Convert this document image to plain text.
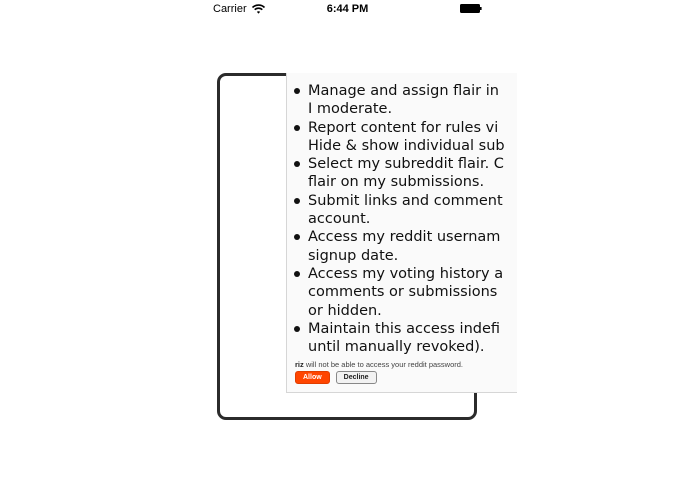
Carrier	6:44 PM
Manage and assign flair in
I moderate.
Report content for rules vi
Hide & show individual sub
Select my subreddit flair. C
flair on my submissions.
Submit links and comment
account.
Access my reddit usernam
signup date.
Access my voting history a
comments or submissions
or hidden.
Maintain this access indefi
until manually revoked).
riz will not be able to access your reddit password.
Allow	Decline
